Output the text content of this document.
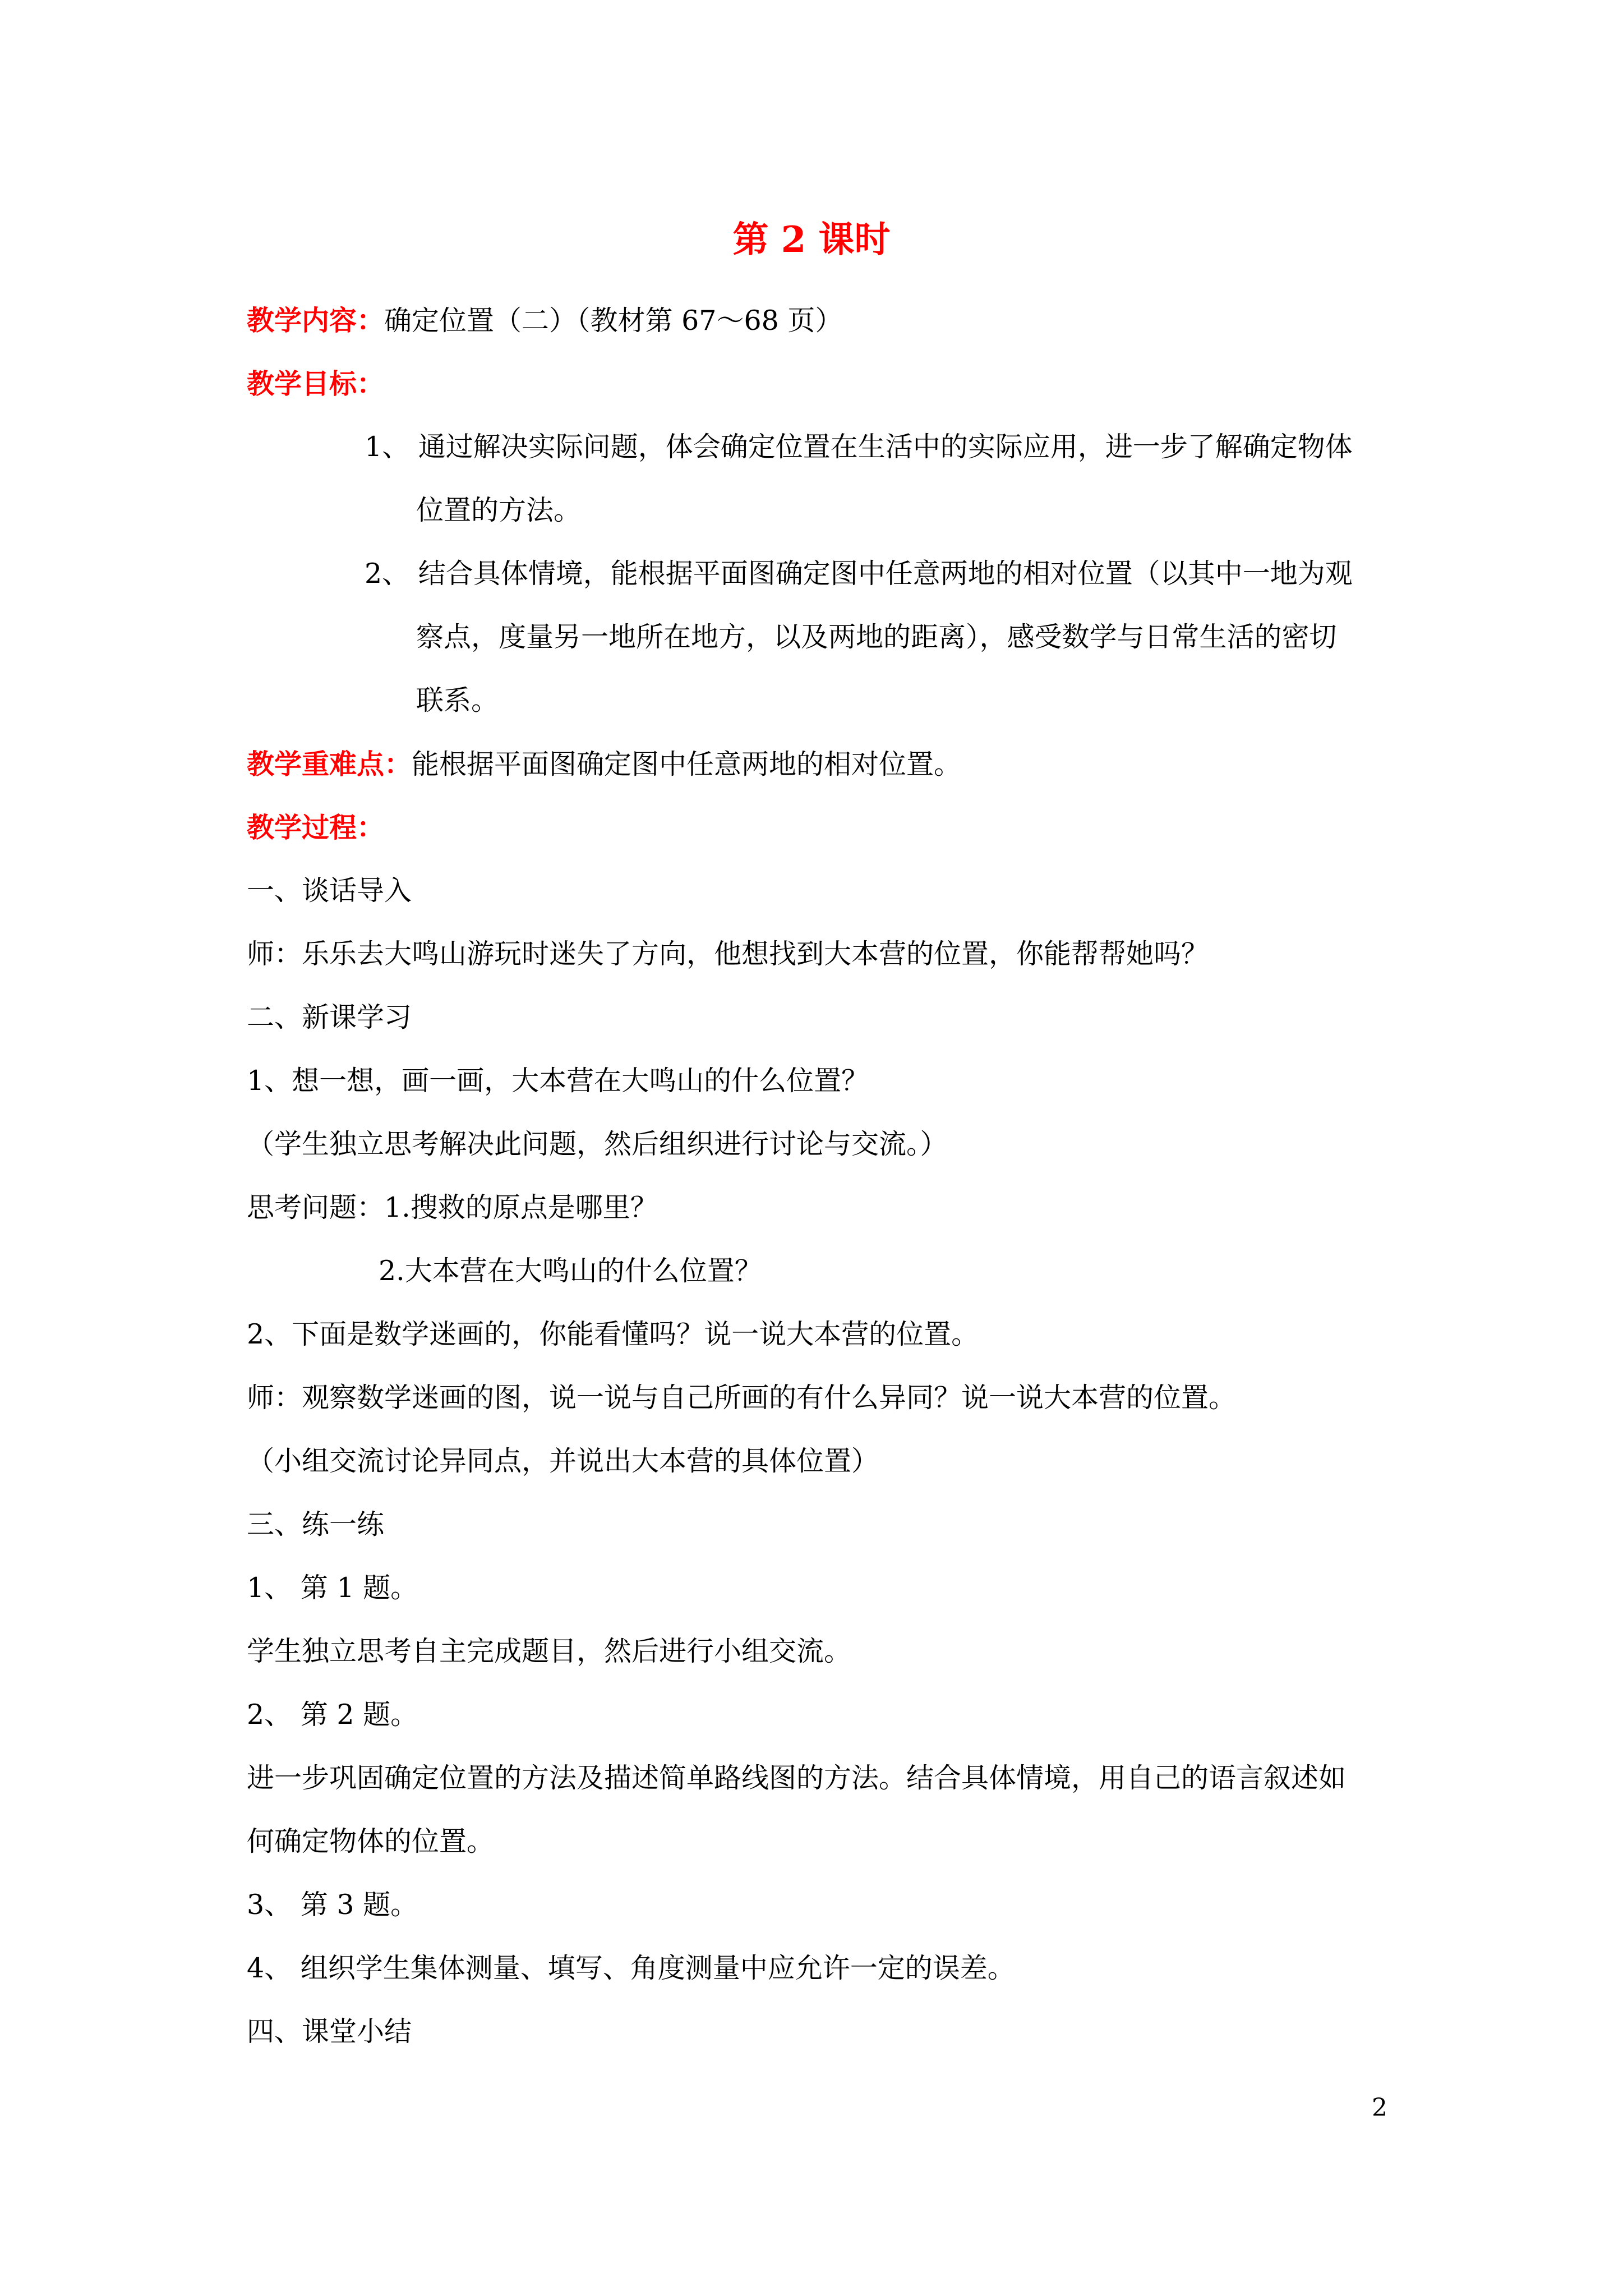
第 2 课时
教学内容：确定位置（二）（教材第 67～68 页）
教学目标：
1、 通过解决实际问题，体会确定位置在生活中的实际应用，进一步了解确定物体
位置的方法。
2、 结合具体情境，能根据平面图确定图中任意两地的相对位置（以其中一地为观
察点，度量另一地所在地方，以及两地的距离），感受数学与日常生活的密切
联系。
教学重难点：能根据平面图确定图中任意两地的相对位置。
教学过程：
一、谈话导入
师：乐乐去大鸣山游玩时迷失了方向，他想找到大本营的位置，你能帮帮她吗？
二、新课学习
1、想一想，画一画，大本营在大鸣山的什么位置？
（学生独立思考解决此问题，然后组织进行讨论与交流。）
思考问题：1.搜救的原点是哪里？
2.大本营在大鸣山的什么位置？
2、下面是数学迷画的，你能看懂吗？说一说大本营的位置。
师：观察数学迷画的图，说一说与自己所画的有什么异同？说一说大本营的位置。
（小组交流讨论异同点，并说出大本营的具体位置）
三、练一练
1、 第 1 题。
学生独立思考自主完成题目，然后进行小组交流。
2、 第 2 题。
进一步巩固确定位置的方法及描述简单路线图的方法。结合具体情境，用自己的语言叙述如
何确定物体的位置。
3、 第 3 题。
4、 组织学生集体测量、填写、角度测量中应允许一定的误差。
四、课堂小结
2
